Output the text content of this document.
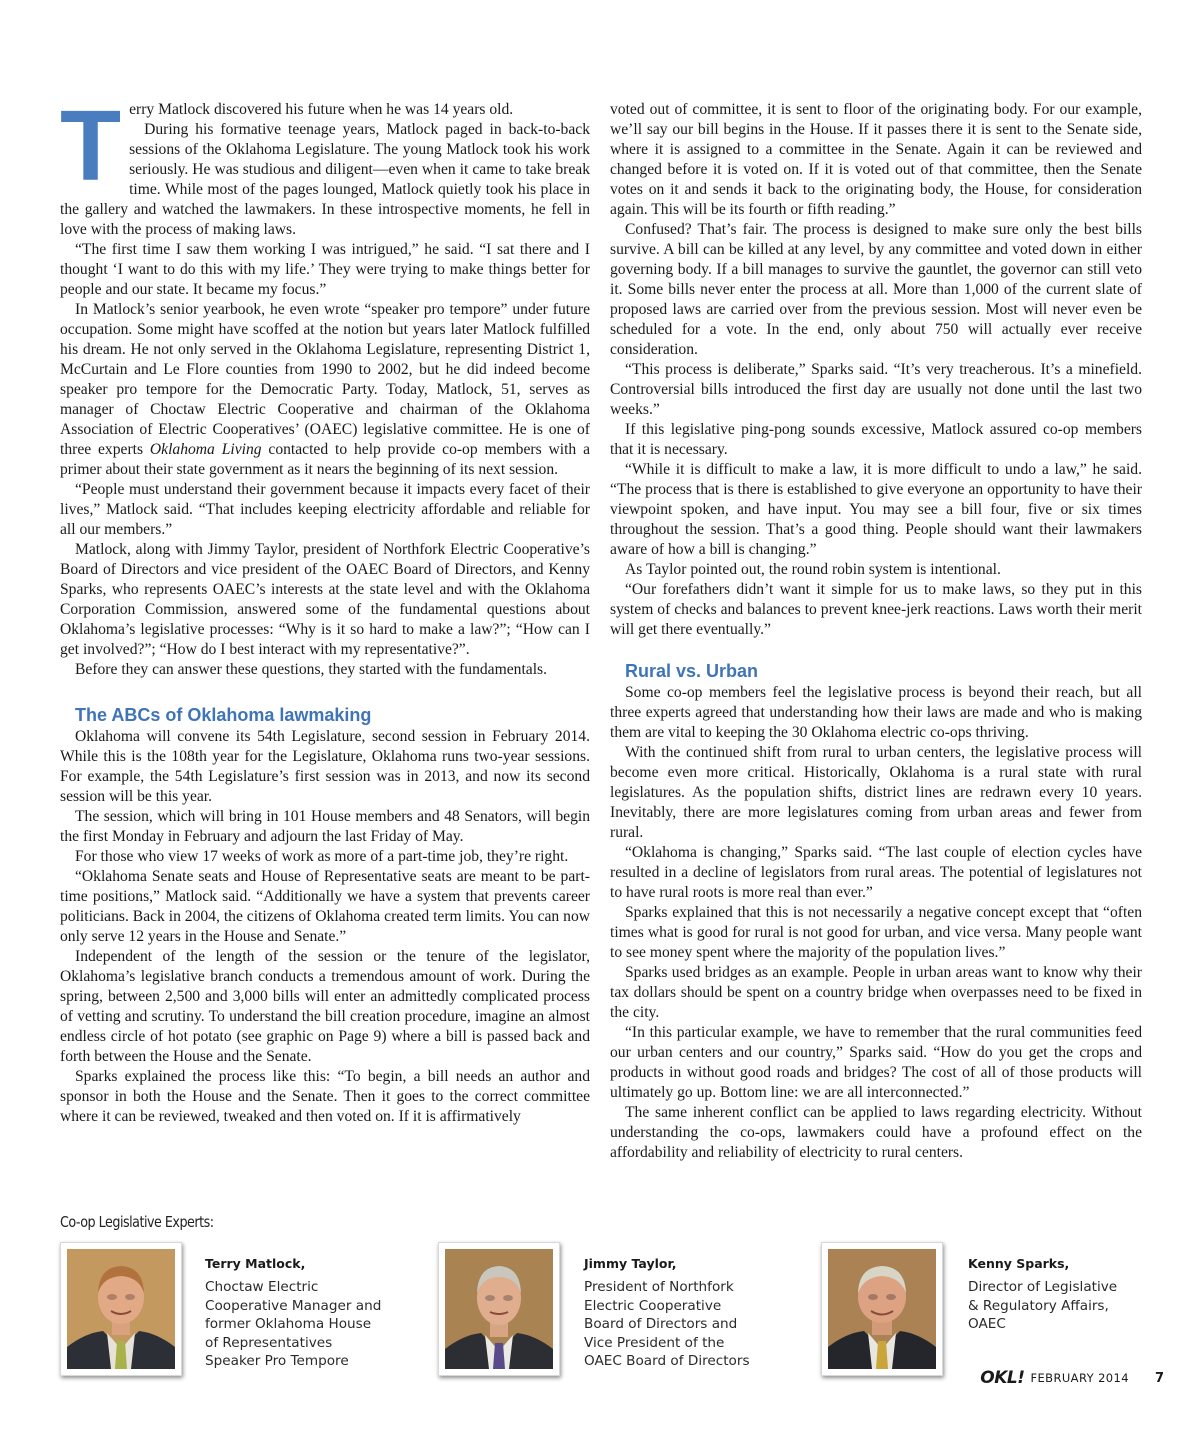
Terry Matlock discovered his future when he was 14 years old.

During his formative teenage years, Matlock paged in back-to-back sessions of the Oklahoma Legislature. The young Matlock took his work seriously. He was studious and diligent—even when it came to take break time. While most of the pages lounged, Matlock quietly took his place in the gallery and watched the lawmakers. In these introspective moments, he fell in love with the process of making laws.

“The first time I saw them working I was intrigued,” he said. “I sat there and I thought ‘I want to do this with my life.’ They were trying to make things better for people and our state. It became my focus.”

In Matlock’s senior yearbook, he even wrote “speaker pro tempore” under future occupation. Some might have scoffed at the notion but years later Matlock fulfilled his dream. He not only served in the Oklahoma Legislature, representing District 1, McCurtain and Le Flore counties from 1990 to 2002, but he did indeed become speaker pro tempore for the Democratic Party. Today, Matlock, 51, serves as manager of Choctaw Electric Cooperative and chairman of the Oklahoma Association of Electric Cooperatives’ (OAEC) legislative committee. He is one of three experts Oklahoma Living contacted to help provide co-op members with a primer about their state government as it nears the beginning of its next session.

“People must understand their government because it impacts every facet of their lives,” Matlock said. “That includes keeping electricity affordable and reliable for all our members.”

Matlock, along with Jimmy Taylor, president of Northfork Electric Cooperative’s Board of Directors and vice president of the OAEC Board of Directors, and Kenny Sparks, who represents OAEC’s interests at the state level and with the Oklahoma Corporation Commission, answered some of the fundamental questions about Oklahoma’s legislative processes: “Why is it so hard to make a law?”; “How can I get involved?”; “How do I best interact with my representative?”.

Before they can answer these questions, they started with the fundamentals.

The ABCs of Oklahoma lawmaking

Oklahoma will convene its 54th Legislature, second session in February 2014. While this is the 108th year for the Legislature, Oklahoma runs two-year sessions. For example, the 54th Legislature’s first session was in 2013, and now its second session will be this year.

The session, which will bring in 101 House members and 48 Senators, will begin the first Monday in February and adjourn the last Friday of May.

For those who view 17 weeks of work as more of a part-time job, they’re right.

“Oklahoma Senate seats and House of Representative seats are meant to be part-time positions,” Matlock said. “Additionally we have a system that prevents career politicians. Back in 2004, the citizens of Oklahoma created term limits. You can now only serve 12 years in the House and Senate.”

Independent of the length of the session or the tenure of the legislator, Oklahoma’s legislative branch conducts a tremendous amount of work. During the spring, between 2,500 and 3,000 bills will enter an admittedly complicated process of vetting and scrutiny. To understand the bill creation procedure, imagine an almost endless circle of hot potato (see graphic on Page 9) where a bill is passed back and forth between the House and the Senate.

Sparks explained the process like this: “To begin, a bill needs an author and sponsor in both the House and the Senate. Then it goes to the correct committee where it can be reviewed, tweaked and then voted on. If it is affirmatively

voted out of committee, it is sent to floor of the originating body. For our example, we’ll say our bill begins in the House. If it passes there it is sent to the Senate side, where it is assigned to a committee in the Senate. Again it can be reviewed and changed before it is voted on. If it is voted out of that committee, then the Senate votes on it and sends it back to the originating body, the House, for consideration again. This will be its fourth or fifth reading.”

Confused? That’s fair. The process is designed to make sure only the best bills survive. A bill can be killed at any level, by any committee and voted down in either governing body. If a bill manages to survive the gauntlet, the governor can still veto it. Some bills never enter the process at all. More than 1,000 of the current slate of proposed laws are carried over from the previous session. Most will never even be scheduled for a vote. In the end, only about 750 will actually ever receive consideration.

“This process is deliberate,” Sparks said. “It’s very treacherous. It’s a minefield. Controversial bills introduced the first day are usually not done until the last two weeks.”

If this legislative ping-pong sounds excessive, Matlock assured co-op members that it is necessary.

“While it is difficult to make a law, it is more difficult to undo a law,” he said. “The process that is there is established to give everyone an opportunity to have their viewpoint spoken, and have input. You may see a bill four, five or six times throughout the session. That’s a good thing. People should want their lawmakers aware of how a bill is changing.”

As Taylor pointed out, the round robin system is intentional.

“Our forefathers didn’t want it simple for us to make laws, so they put in this system of checks and balances to prevent knee-jerk reactions. Laws worth their merit will get there eventually.”

Rural vs. Urban

Some co-op members feel the legislative process is beyond their reach, but all three experts agreed that understanding how their laws are made and who is making them are vital to keeping the 30 Oklahoma electric co-ops thriving.

With the continued shift from rural to urban centers, the legislative process will become even more critical. Historically, Oklahoma is a rural state with rural legislatures. As the population shifts, district lines are redrawn every 10 years. Inevitably, there are more legislatures coming from urban areas and fewer from rural.

“Oklahoma is changing,” Sparks said. “The last couple of election cycles have resulted in a decline of legislators from rural areas. The potential of legislatures not to have rural roots is more real than ever.”

Sparks explained that this is not necessarily a negative concept except that “often times what is good for rural is not good for urban, and vice versa. Many people want to see money spent where the majority of the population lives.”

Sparks used bridges as an example. People in urban areas want to know why their tax dollars should be spent on a country bridge when overpasses need to be fixed in the city.

“In this particular example, we have to remember that the rural communities feed our urban centers and our country,” Sparks said. “How do you get the crops and products in without good roads and bridges? The cost of all of those products will ultimately go up. Bottom line: we are all interconnected.”

The same inherent conflict can be applied to laws regarding electricity. Without understanding the co-ops, lawmakers could have a profound effect on the affordability and reliability of electricity to rural centers.

Co-op Legislative Experts:
Terry Matlock,
Choctaw Electric
Cooperative Manager and
former Oklahoma House
of Representatives
Speaker Pro Tempore
Jimmy Taylor,
President of Northfork
Electric Cooperative
Board of Directors and
Vice President of the
OAEC Board of Directors
Kenny Sparks,
Director of Legislative
& Regulatory Affairs,
OAEC
OKL! FEBRUARY 2014 7
